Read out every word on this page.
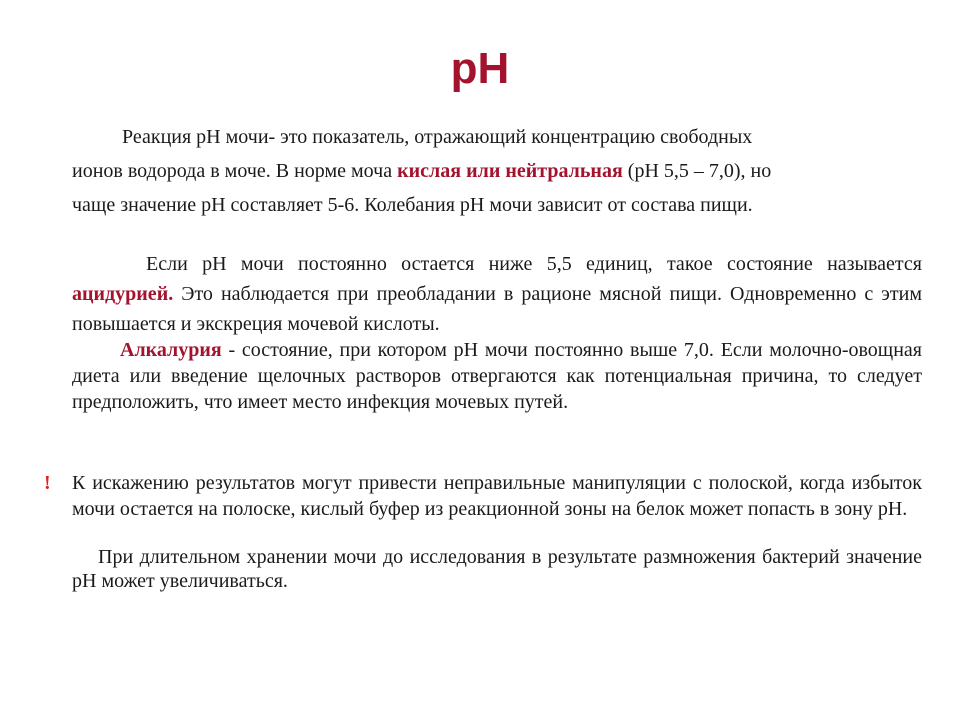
pH
Реакция pH мочи- это показатель, отражающий концентрацию свободных
ионов водорода в моче. В норме моча кислая или нейтральная (pH 5,5 – 7,0), но
чаще значение pH составляет 5-6. Колебания pH мочи зависит от состава пищи.

Если pH мочи постоянно остается ниже 5,5 единиц, такое состояние называется ацидурией. Это наблюдается при преобладании в рационе мясной пищи. Одновременно с этим повышается и экскреция мочевой кислоты.

Алкалурия - состояние, при котором pH мочи постоянно выше 7,0. Если молочно-овощная диета или введение щелочных растворов отвергаются как потенциальная причина, то следует предположить, что имеет место инфекция мочевых путей.

! К искажению результатов могут привести неправильные манипуляции с полоской, когда избыток мочи остается на полоске, кислый буфер из реакционной зоны на белок может попасть в зону pH.

При длительном хранении мочи до исследования в результате размножения бактерий значение pH может увеличиваться.
